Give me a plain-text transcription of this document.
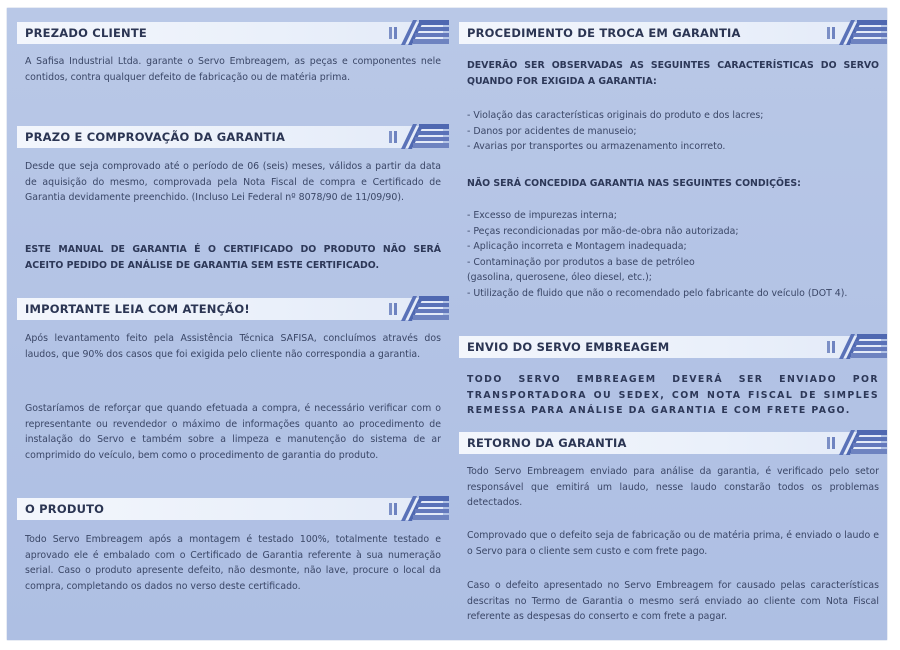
PREZADO CLIENTE
A Safisa Industrial Ltda. garante o Servo Embreagem, as peças e componentes nele contidos, contra qualquer defeito de fabricação ou de matéria prima.
PRAZO E COMPROVAÇÃO DA GARANTIA
Desde que seja comprovado até o período de 06 (seis) meses, válidos a partir da data de aquisição do mesmo, comprovada pela Nota Fiscal de compra e Certificado de Garantia devidamente preenchido. (Incluso Lei Federal nº 8078/90 de 11/09/90).
ESTE MANUAL DE GARANTIA É O CERTIFICADO DO PRODUTO NÃO SERÁ ACEITO PEDIDO DE ANÁLISE DE GARANTIA SEM ESTE CERTIFICADO.
IMPORTANTE LEIA COM ATENÇÃO!
Após levantamento feito pela Assistência Técnica SAFISA, concluímos através dos laudos, que 90% dos casos que foi exigida pelo cliente não correspondia a garantia.
Gostaríamos de reforçar que quando efetuada a compra, é necessário verificar com o representante ou revendedor o máximo de informações quanto ao procedimento de instalação do Servo e também sobre a limpeza e manutenção do sistema de ar comprimido do veículo, bem como o procedimento de garantia do produto.
O PRODUTO
Todo Servo Embreagem após a montagem é testado 100%, totalmente testado e aprovado ele é embalado com o Certificado de Garantia referente à sua numeração serial. Caso o produto apresente defeito, não desmonte, não lave, procure o local da compra, completando os dados no verso deste certificado.
PROCEDIMENTO DE TROCA EM GARANTIA
DEVERÃO SER OBSERVADAS AS SEGUINTES CARACTERÍSTICAS DO SERVO QUANDO FOR EXIGIDA A GARANTIA:
- Violação das características originais do produto e dos lacres;
- Danos por acidentes de manuseio;
- Avarias por transportes ou armazenamento incorreto.
NÃO SERÁ CONCEDIDA GARANTIA NAS SEGUINTES CONDIÇÕES:
- Excesso de impurezas interna;
- Peças recondicionadas por mão-de-obra não autorizada;
- Aplicação incorreta e Montagem inadequada;
- Contaminação por produtos a base de petróleo
(gasolina, querosene, óleo diesel, etc.);
- Utilização de fluido que não o recomendado pelo fabricante do veículo (DOT 4).
ENVIO DO SERVO EMBREAGEM
TODO SERVO EMBREAGEM DEVERÁ SER ENVIADO POR TRANSPORTADORA OU SEDEX, COM NOTA FISCAL DE SIMPLES REMESSA PARA ANÁLISE DA GARANTIA E COM FRETE PAGO.
RETORNO DA GARANTIA
Todo Servo Embreagem enviado para análise da garantia, é verificado pelo setor responsável que emitirá um laudo, nesse laudo constarão todos os problemas detectados.
Comprovado que o defeito seja de fabricação ou de matéria prima, é enviado o laudo e o Servo para o cliente sem custo e com frete pago.
Caso o defeito apresentado no Servo Embreagem for causado pelas características descritas no Termo de Garantia o mesmo será enviado ao cliente com Nota Fiscal referente as despesas do conserto e com frete a pagar.
